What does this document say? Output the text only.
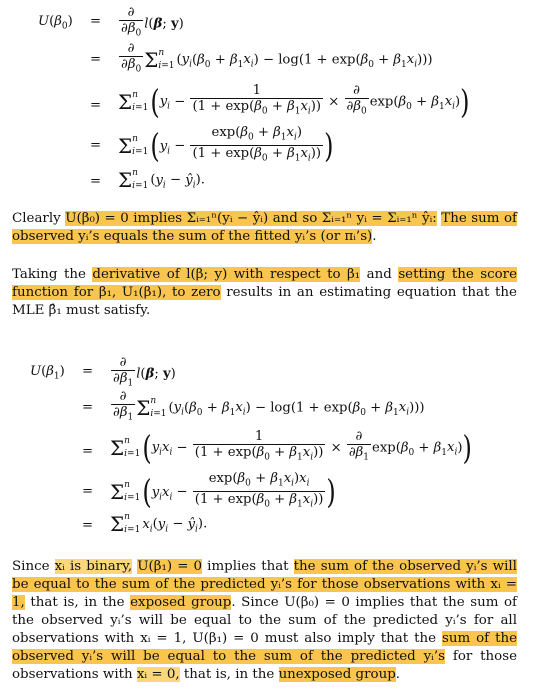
$U(\beta_0) = \frac{\partial}{\partial\beta_0} l(\beta$; y)
= $\frac{\partial}{\partial\beta_0} \Sigma^n$
i=1 $(y_i(\beta_0 + \beta_1x_i) - \log(1 + \exp(\beta_0 + \beta_1x_i)))$
= $\Sigma^n$
$i=1(y_i - \frac{1}{(1 + \exp(\beta_0 + \beta_1x_i))} \times \frac{\partial}{\partial\beta_0} \exp(\beta_0 + \beta_1x_i))$
= $\Sigma^n$
$i=1(y_i - \frac{\exp(\beta_0 + \beta_1x_i)}{(1 + \exp(\beta_0 + \beta_1x_i))}$ )
= $\Sigma^n$
i=1 ($y_i$ − $ŷ_i$).
Clearly U(β₀) = 0 implies Σᵢ₌₁ⁿ(yᵢ − ŷᵢ) and so Σᵢ₌₁ⁿ yᵢ = Σᵢ₌₁ⁿ ŷᵢ: The sum of observed yᵢ’s equals the sum of the fitted yᵢ’s (or πᵢ’s).
Taking the derivative of l(β; y) with respect to β₁ and setting the score function for β₁, U₁(β₁), to zero results in an estimating equation that the MLE β̂₁ must satisfy.
$U(\beta_1) = \frac{\partial}{\partial\beta_1} l(\beta$; y)
= $\frac{\partial}{\partial\beta_1} \Sigma^n$
i=1 $(y_i(\beta_0 + \beta_1x_i) - \log(1 + \exp(\beta_0 + \beta_1x_i)))$
= $\Sigma^n$
$i=1(y_ix_i - \frac{1}{(1 + \exp(\beta_0 + \beta_1x_i))} \times \frac{\partial}{\partial\beta_1} \exp(\beta_0 + \beta_1x_i))$
= $\Sigma^n$
$i=1(y_ix_i - \frac{\exp(\beta_0 + \beta_1x_i)x_i}{(1 + \exp(\beta_0 + \beta_1x_i))}$ )
= $\Sigma^n$
i=1 $x_i(y_i$ − $ŷ_i$).
Since xᵢ is binary, U(β₁) = 0 implies that the sum of the observed yᵢ’s will be equal to the sum of the predicted yᵢ’s for those observations with xᵢ = 1, that is, in the exposed group. Since U(β₀) = 0 implies that the sum of the observed yᵢ’s will be equal to the sum of the predicted yᵢ’s for all observations with xᵢ = 1, U(β₁) = 0 must also imply that the sum of the observed yᵢ’s will be equal to the sum of the predicted yᵢ’s for those observations with xᵢ = 0, that is, in the unexposed group.
